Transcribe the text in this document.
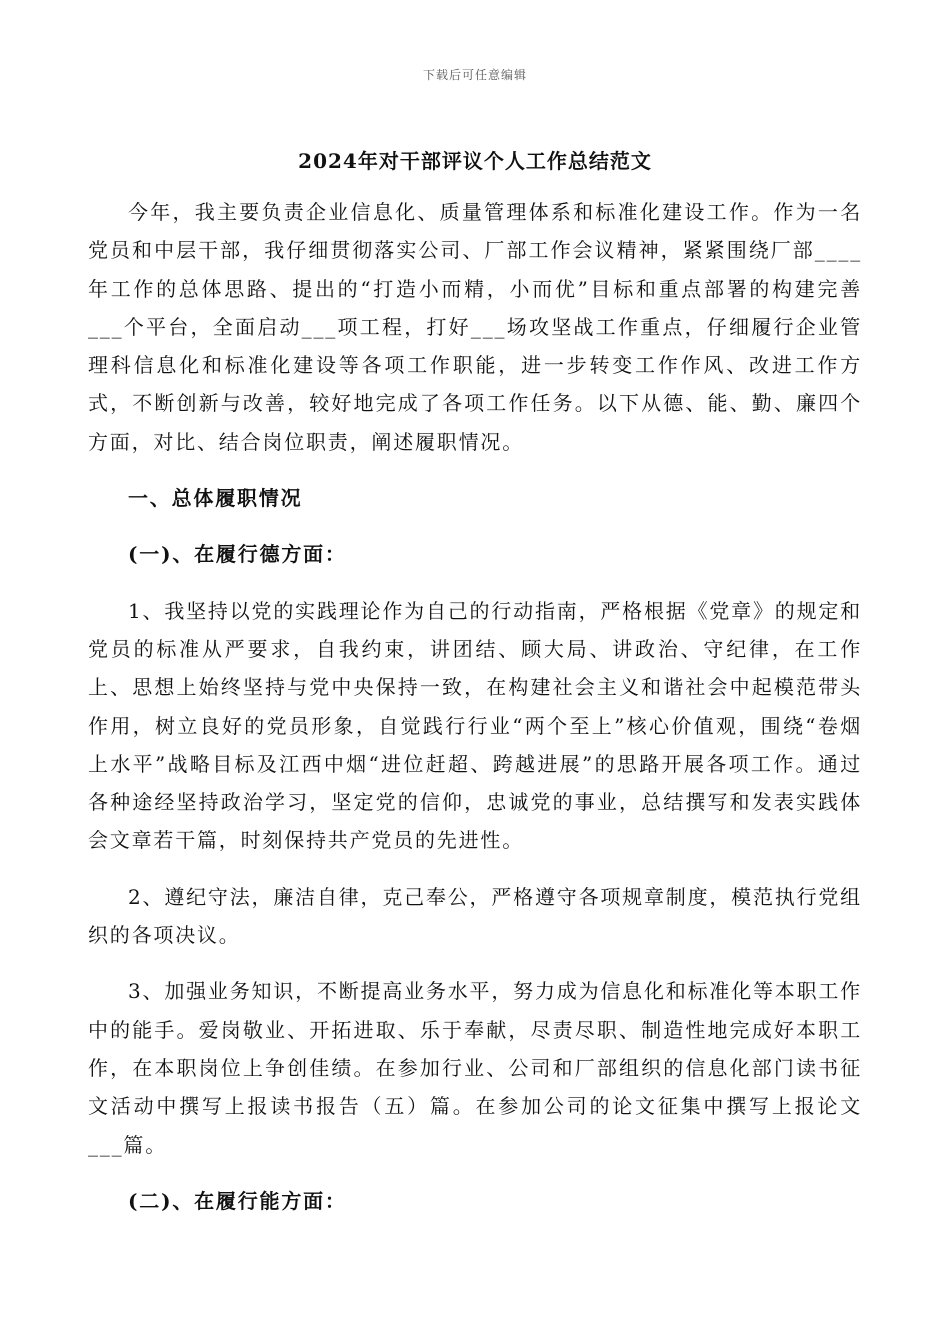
下载后可任意编辑
2024年对干部评议个人工作总结范文

今年，我主要负责企业信息化、质量管理体系和标准化建设工作。作为一名党员和中层干部，我仔细贯彻落实公司、厂部工作会议精神，紧紧围绕厂部____年工作的总体思路、提出的“打造小而精，小而优”目标和重点部署的构建完善___个平台，全面启动___项工程，打好___场攻坚战工作重点，仔细履行企业管理科信息化和标准化建设等各项工作职能，进一步转变工作作风、改进工作方式，不断创新与改善，较好地完成了各项工作任务。以下从德、能、勤、廉四个方面，对比、结合岗位职责，阐述履职情况。

一、总体履职情况

(一)、在履行德方面：

1、我坚持以党的实践理论作为自己的行动指南，严格根据《党章》的规定和党员的标准从严要求，自我约束，讲团结、顾大局、讲政治、守纪律，在工作上、思想上始终坚持与党中央保持一致，在构建社会主义和谐社会中起模范带头作用，树立良好的党员形象，自觉践行行业“两个至上”核心价值观，围绕“卷烟上水平”战略目标及江西中烟“进位赶超、跨越进展”的思路开展各项工作。通过各种途经坚持政治学习，坚定党的信仰，忠诚党的事业，总结撰写和发表实践体会文章若干篇，时刻保持共产党员的先进性。

2、遵纪守法，廉洁自律，克己奉公，严格遵守各项规章制度，模范执行党组织的各项决议。

3、加强业务知识，不断提高业务水平，努力成为信息化和标准化等本职工作中的能手。爱岗敬业、开拓进取、乐于奉献，尽责尽职、制造性地完成好本职工作，在本职岗位上争创佳绩。在参加行业、公司和厂部组织的信息化部门读书征文活动中撰写上报读书报告（五）篇。在参加公司的论文征集中撰写上报论文___篇。

(二)、在履行能方面：
